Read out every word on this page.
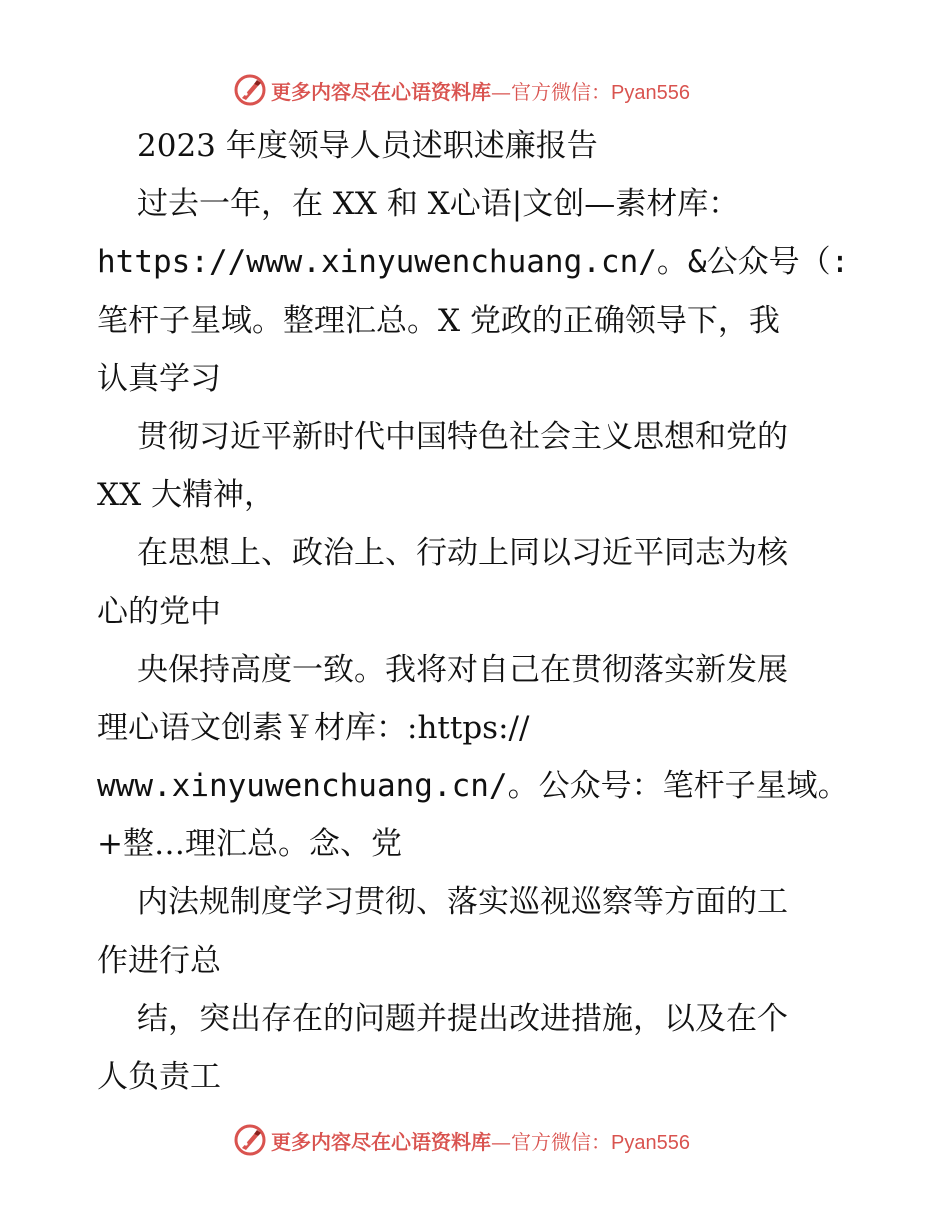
更多内容尽在心语资料库—官方微信：Pyan556
2023 年度领导人员述职述廉报告
过去一年，在 XX 和 X心语|文创—素材库：
https://www.xinyuwenchuang.cn/。&公众号（:
笔杆子星域。整理汇总。X 党政的正确领导下，我
认真学习
贯彻习近平新时代中国特色社会主义思想和党的
XX 大精神，
在思想上、政治上、行动上同以习近平同志为核
心的党中
央保持高度一致。我将对自己在贯彻落实新发展
理心语文创素￥材库：:https://
www.xinyuwenchuang.cn/。公众号：笔杆子星域。
+整…理汇总。念、党
内法规制度学习贯彻、落实巡视巡察等方面的工
作进行总
结，突出存在的问题并提出改进措施，以及在个
人负责工
更多内容尽在心语资料库—官方微信：Pyan556
